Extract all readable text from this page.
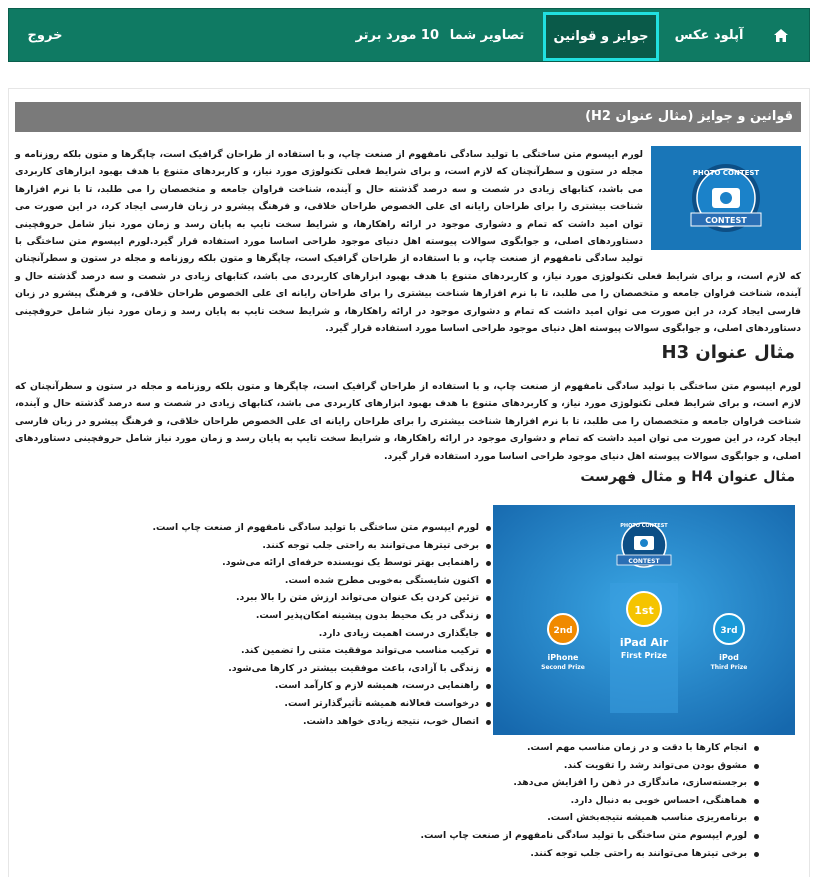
آپلود عکس
جوایز و قوانین
تصاویر شما
10 مورد برتر
خروج
قوانین و جوایز (مثال عنوان H2)
PHOTO CONTEST
CONTEST
لورم ایپسوم متن ساختگی با تولید سادگی نامفهوم از صنعت چاپ، و با استفاده از طراحان گرافیک است، چاپگرها و متون بلکه روزنامه و مجله در ستون و سطرآنچنان که لازم است، و برای شرایط فعلی تکنولوژی مورد نیاز، و کاربردهای متنوع با هدف بهبود ابزارهای کاربردی می باشد، کتابهای زیادی در شصت و سه درصد گذشته حال و آینده، شناخت فراوان جامعه و متخصصان را می طلبد، تا با نرم افزارها شناخت بیشتری را برای طراحان رایانه ای علی الخصوص طراحان خلاقی، و فرهنگ پیشرو در زبان فارسی ایجاد کرد، در این صورت می توان امید داشت که تمام و دشواری موجود در ارائه راهکارها، و شرایط سخت تایپ به پایان رسد و زمان مورد نیاز شامل حروفچینی دستاوردهای اصلی، و جوابگوی سوالات پیوسته اهل دنیای موجود طراحی اساسا مورد استفاده قرار گیرد.لورم ایپسوم متن ساختگی با تولید سادگی نامفهوم از صنعت چاپ، و با استفاده از طراحان گرافیک است، چاپگرها و متون بلکه روزنامه و مجله در ستون و سطرآنچنان که لازم است، و برای شرایط فعلی تکنولوژی مورد نیاز، و کاربردهای متنوع با هدف بهبود ابزارهای کاربردی می باشد، کتابهای زیادی در شصت و سه درصد گذشته حال و آینده، شناخت فراوان جامعه و متخصصان را می طلبد، تا با نرم افزارها شناخت بیشتری را برای طراحان رایانه ای علی الخصوص طراحان خلاقی، و فرهنگ پیشرو در زبان فارسی ایجاد کرد، در این صورت می توان امید داشت که تمام و دشواری موجود در ارائه راهکارها، و شرایط سخت تایپ به پایان رسد و زمان مورد نیاز شامل حروفچینی دستاوردهای اصلی، و جوابگوی سوالات پیوسته اهل دنیای موجود طراحی اساسا مورد استفاده قرار گیرد.
مثال عنوان H3
لورم ایپسوم متن ساختگی با تولید سادگی نامفهوم از صنعت چاپ، و با استفاده از طراحان گرافیک است، چاپگرها و متون بلکه روزنامه و مجله در ستون و سطرآنچنان که لازم است، و برای شرایط فعلی تکنولوژی مورد نیاز، و کاربردهای متنوع با هدف بهبود ابزارهای کاربردی می باشد، کتابهای زیادی در شصت و سه درصد گذشته حال و آینده، شناخت فراوان جامعه و متخصصان را می طلبد، تا با نرم افزارها شناخت بیشتری را برای طراحان رایانه ای علی الخصوص طراحان خلاقی، و فرهنگ پیشرو در زبان فارسی ایجاد کرد، در این صورت می توان امید داشت که تمام و دشواری موجود در ارائه راهکارها، و شرایط سخت تایپ به پایان رسد و زمان مورد نیاز شامل حروفچینی دستاوردهای اصلی، و جوابگوی سوالات پیوسته اهل دنیای موجود طراحی اساسا مورد استفاده قرار گیرد.
مثال عنوان H4 و مثال فهرست
PHOTO CONTEST
CONTEST
1st
iPad Air
First Prize
2nd
iPhone
Second Prize
3rd
iPod
Third Prize
لورم ایپسوم متن ساختگی با تولید سادگی نامفهوم از صنعت چاپ است.
برخی تیترها می‌توانند به راحتی جلب توجه کنند.
راهنمایی بهتر توسط یک نویسنده حرفه‌ای ارائه می‌شود.
اکنون شایستگی به‌خوبی مطرح شده است.
تزئین کردن یک عنوان می‌تواند ارزش متن را بالا ببرد.
زندگی در یک محیط بدون پیشینه امکان‌پذیر است.
جایگذاری درست اهمیت زیادی دارد.
ترکیب مناسب می‌تواند موفقیت متنی را تضمین کند.
زندگی با آزادی، باعث موفقیت بیشتر در کارها می‌شود.
راهنمایی درست، همیشه لازم و کارآمد است.
درخواست فعالانه همیشه تأثیرگذارتر است.
اتصال خوب، نتیجه زیادی خواهد داشت.
انجام کارها با دقت و در زمان مناسب مهم است.
مشوق بودن می‌تواند رشد را تقویت کند.
برجسته‌سازی، ماندگاری در ذهن را افزایش می‌دهد.
هماهنگی، احساس خوبی به دنبال دارد.
برنامه‌ریزی مناسب همیشه نتیجه‌بخش است.
لورم ایپسوم متن ساختگی با تولید سادگی نامفهوم از صنعت چاپ است.
برخی تیترها می‌توانند به راحتی جلب توجه کنند.
